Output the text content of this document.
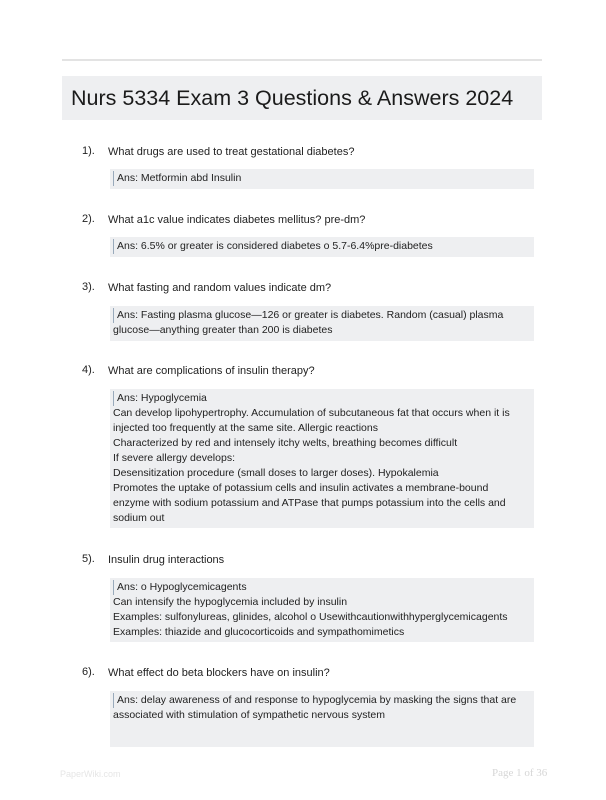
Nurs 5334 Exam 3 Questions & Answers 2024
1). What drugs are used to treat gestational diabetes?
Ans: Metformin abd Insulin
2). What a1c value indicates diabetes mellitus? pre-dm?
Ans: 6.5% or greater is considered diabetes o 5.7-6.4%pre-diabetes
3). What fasting and random values indicate dm?
Ans: Fasting plasma glucose—126 or greater is diabetes. Random (casual) plasma
glucose—anything greater than 200 is diabetes
4). What are complications of insulin therapy?
Ans: Hypoglycemia
Can develop lipohypertrophy. Accumulation of subcutaneous fat that occurs when it is
injected too frequently at the same site. Allergic reactions
Characterized by red and intensely itchy welts, breathing becomes difficult
If severe allergy develops:
Desensitization procedure (small doses to larger doses). Hypokalemia
Promotes the uptake of potassium cells and insulin activates a membrane-bound
enzyme with sodium potassium and ATPase that pumps potassium into the cells and
sodium out
5). Insulin drug interactions
Ans: o Hypoglycemicagents
Can intensify the hypoglycemia included by insulin
Examples: sulfonylureas, glinides, alcohol o Usewithcautionwithhyperglycemicagents
Examples: thiazide and glucocorticoids and sympathomimetics
6). What effect do beta blockers have on insulin?
Ans: delay awareness of and response to hypoglycemia by masking the signs that are
associated with stimulation of sympathetic nervous system
PaperWiki.com	Page 1 of 36
